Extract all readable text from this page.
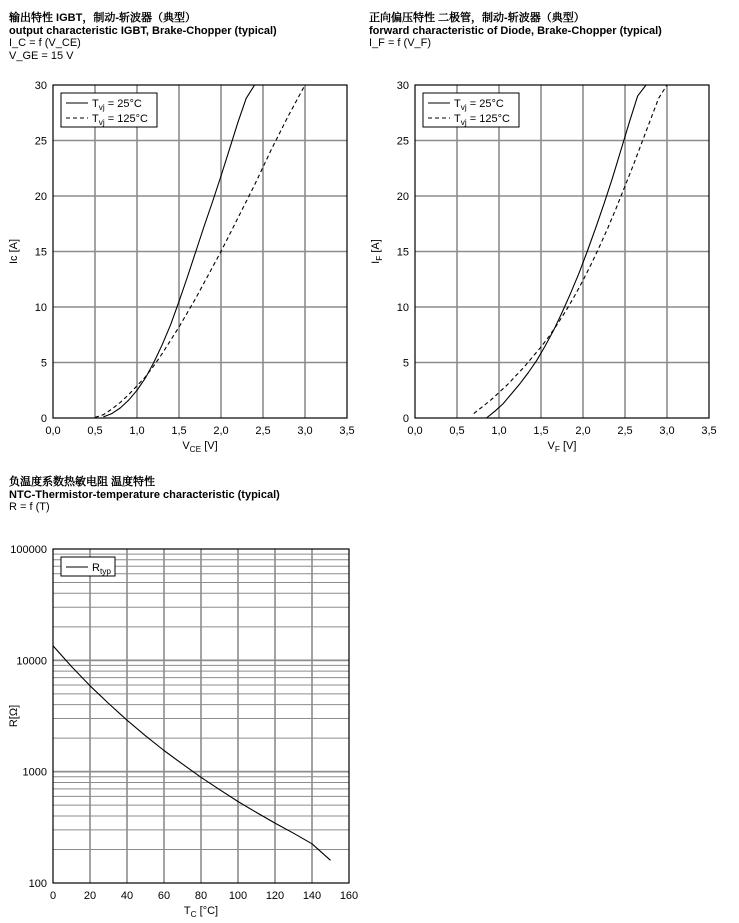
输出特性 IGBT，制动-斩波器（典型）
output characteristic IGBT, Brake-Chopper (typical)
I_C = f (V_CE)
V_GE = 15 V
正向偏压特性 二极管，制动-斩波器（典型）
forward characteristic of Diode, Brake-Chopper (typical)
I_F = f (V_F)
负温度系数热敏电阻 温度特性
NTC-Thermistor-temperature characteristic (typical)
R = f (T)
0,0 0,5 1,0 1,5 2,0 2,5 3,0 3,5
0
5
10
15
20
25
30
$V_{CE}$ [V]
Ic [A]
$T_{vj} = 25^\circ C$
$T_{vj} = 125^\circ C$
0,0 0,5 1,0 1,5 2,0 2,5 3,0 3,5
0
5
10
15
20
25
30
$V_F$ [V]
$I_F$ [A]
$T_{vj} = 25^\circ C$
$T_{vj} = 125^\circ C$
0	20 40 60 80 100 120 140 160
100
1000
10000
100000
$T_C$ [°C]
R[Ω]
$R_{typ}$
